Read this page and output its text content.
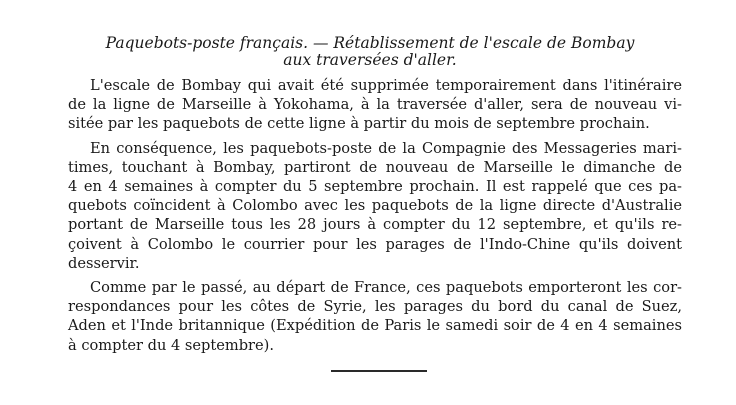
Paquebots-poste français. — Rétablissement de l'escale de Bombay
aux traversées d'aller.
L'escale de Bombay qui avait été supprimée temporairement dans l'itinéraire
de la ligne de Marseille à Yokohama, à la traversée d'aller, sera de nouveau vi-
sitée par les paquebots de cette ligne à partir du mois de septembre prochain.
En conséquence, les paquebots-poste de la Compagnie des Messageries mari-
times, touchant à Bombay, partiront de nouveau de Marseille le dimanche de
4 en 4 semaines à compter du 5 septembre prochain. Il est rappelé que ces pa-
quebots coïncident à Colombo avec les paquebots de la ligne directe d'Australie
portant de Marseille tous les 28 jours à compter du 12 septembre, et qu'ils re-
çoivent à Colombo le courrier pour les parages de l'Indo-Chine qu'ils doivent
desservir.
Comme par le passé, au départ de France, ces paquebots emporteront les cor-
respondances pour les côtes de Syrie, les parages du bord du canal de Suez,
Aden et l'Inde britannique (Expédition de Paris le samedi soir de 4 en 4 semaines
à compter du 4 septembre).
